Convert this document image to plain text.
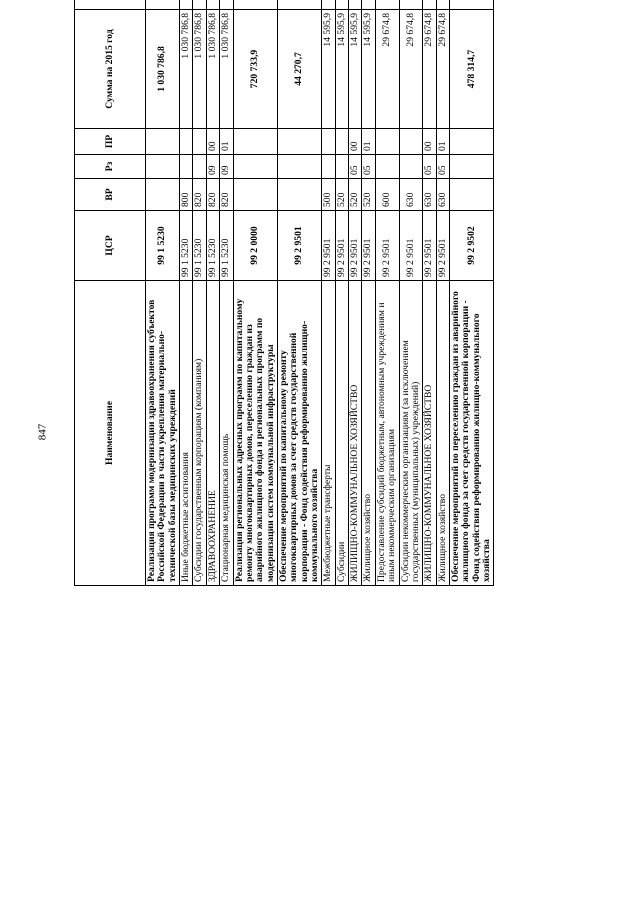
847	Наименование	ЦСР	ВР	Рз	ПР	Сумма на 2015 год		
Реализация программ модернизации здравоохранения субъектов Российской Федерации в части укрепления материально-технической базы медицинских учреждений	99 1 5230				1 030 786,8		
Иные бюджетные ассигнования	99 1 5230	800			1 030 786,8		
Субсидии государственным корпорациям (компаниям)	99 1 5230	820			1 030 786,8		
ЗДРАВООХРАНЕНИЕ	99 1 5230	820	09	00	1 030 786,8		
Стационарная медицинская помощь	99 1 5230	820	09	01	1 030 786,8		
Реализация региональных адресных программ по капитальному ремонту многоквартирных домов, переселению граждан из аварийного жилищного фонда и региональных программ по модернизации систем коммунальной инфраструктуры	99 2 0000				720 733,9		
Обеспечение мероприятий по капитальному ремонту многоквартирных домов за счет средств государственной корпорации - Фонд содействия реформированию жилищно-коммунального хозяйства	99 2 9501				44 270,7		
Межбюджетные трансферты	99 2 9501	500			14 595,9		
Субсидии	99 2 9501	520			14 595,9		
ЖИЛИЩНО-КОММУНАЛЬНОЕ ХОЗЯЙСТВО	99 2 9501	520	05	00	14 595,9		
Жилищное хозяйство	99 2 9501	520	05	01	14 595,9		
Предоставление субсидий бюджетным, автономным учреждениям и иным некоммерческим организациям	99 2 9501	600			29 674,8		
Субсидии некоммерческим организациям (за исключением государственных (муниципальных) учреждений)	99 2 9501	630			29 674,8		
ЖИЛИЩНО-КОММУНАЛЬНОЕ ХОЗЯЙСТВО	99 2 9501	630	05	00	29 674,8		
Жилищное хозяйство	99 2 9501	630	05	01	29 674,8		
Обеспечение мероприятий по переселению граждан из аварийного жилищного фонда за счет средств государственной корпорации - Фонд содействия реформированию жилищно-коммунального хозяйства	99 2 9502				478 314,7		
